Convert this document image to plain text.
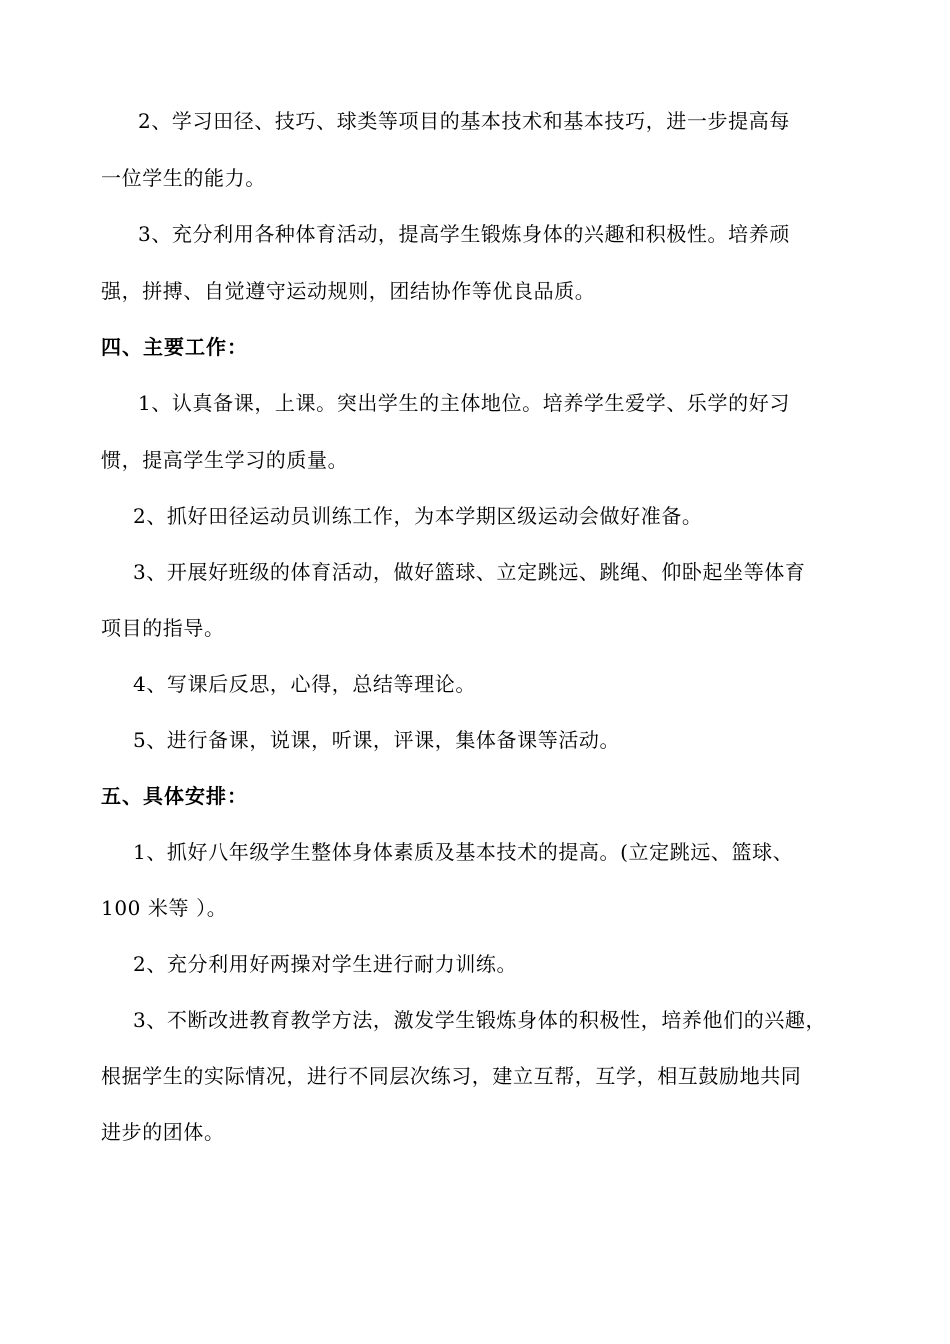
2、学习田径、技巧、球类等项目的基本技术和基本技巧，进一步提高每
一位学生的能力。
3、充分利用各种体育活动，提高学生锻炼身体的兴趣和积极性。培养顽
强，拼搏、自觉遵守运动规则，团结协作等优良品质。
四、主要工作：
1、认真备课，上课。突出学生的主体地位。培养学生爱学、乐学的好习
惯，提高学生学习的质量。
2、抓好田径运动员训练工作，为本学期区级运动会做好准备。
3、开展好班级的体育活动，做好篮球、立定跳远、跳绳、仰卧起坐等体育
项目的指导。
4、写课后反思，心得，总结等理论。
5、进行备课，说课，听课，评课，集体备课等活动。
五、具体安排：
1、抓好八年级学生整体身体素质及基本技术的提高。(立定跳远、篮球、
100 米等 ）。
2、充分利用好两操对学生进行耐力训练。
3、不断改进教育教学方法，激发学生锻炼身体的积极性，培养他们的兴趣，
根据学生的实际情况，进行不同层次练习，建立互帮，互学，相互鼓励地共同
进步的团体。
